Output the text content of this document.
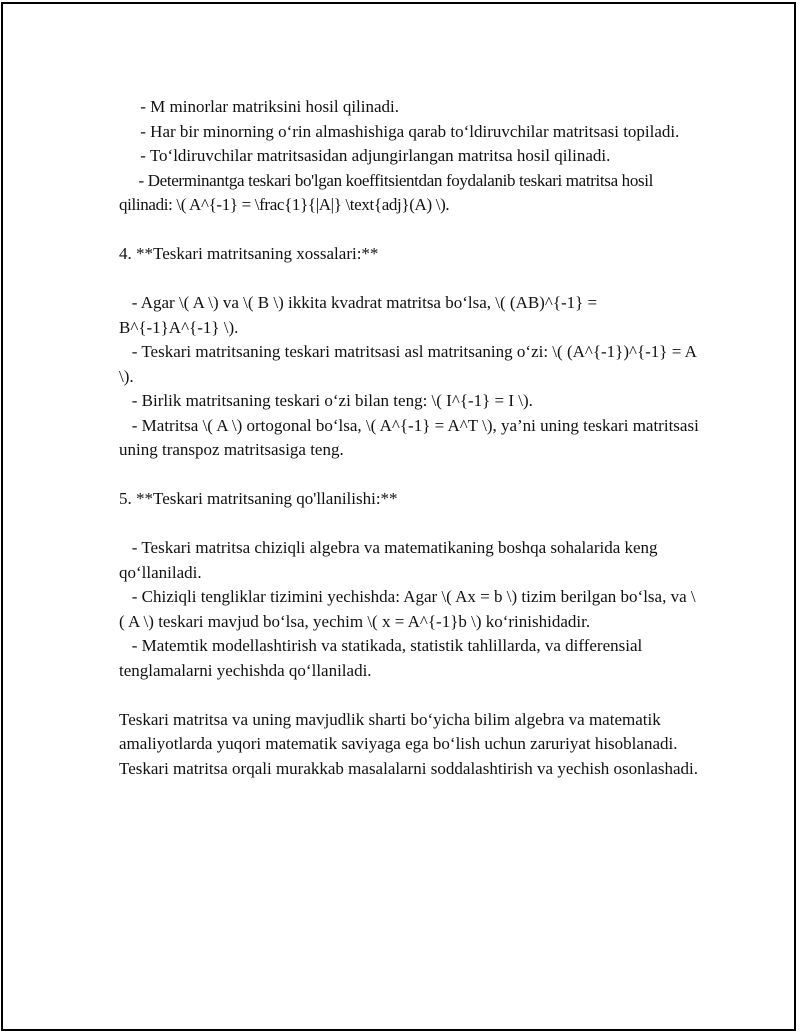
- M minorlar matriksini hosil qilinadi.

- Har bir minorning o‘rin almashishiga qarab to‘ldiruvchilar matritsasi topiladi.

- To‘ldiruvchilar matritsasidan adjungirlangan matritsa hosil qilinadi.

- Determinantga teskari bo'lgan koeffitsientdan foydalanib teskari matritsa hosil qilinadi: \( A^{-1} = \frac{1}{|A|} \text{adj}(A) \).

4. **Teskari matritsaning xossalari:**

- Agar \( A \) va \( B \) ikkita kvadrat matritsa bo‘lsa, \( (AB)^{-1} = B^{-1}A^{-1} \).

- Teskari matritsaning teskari matritsasi asl matritsaning o‘zi: \( (A^{-1})^{-1} = A \).

- Birlik matritsaning teskari o‘zi bilan teng: \( I^{-1} = I \).

- Matritsa \( A \) ortogonal bo‘lsa, \( A^{-1} = A^T \), ya’ni uning teskari matritsasi uning transpoz matritsasiga teng.

5. **Teskari matritsaning qo'llanilishi:**

- Teskari matritsa chiziqli algebra va matematikaning boshqa sohalarida keng qo‘llaniladi.

- Chiziqli tengliklar tizimini yechishda: Agar \( Ax = b \) tizim berilgan bo‘lsa, va \( A \) teskari mavjud bo‘lsa, yechim \( x = A^{-1}b \) ko‘rinishidadir.

- Matemtik modellashtirish va statikada, statistik tahlillarda, va differensial tenglamalarni yechishda qo‘llaniladi.

Teskari matritsa va uning mavjudlik sharti bo‘yicha bilim algebra va matematik amaliyotlarda yuqori matematik saviyaga ega bo‘lish uchun zaruriyat hisoblanadi. Teskari matritsa orqali murakkab masalalarni soddalashtirish va yechish osonlashadi.
